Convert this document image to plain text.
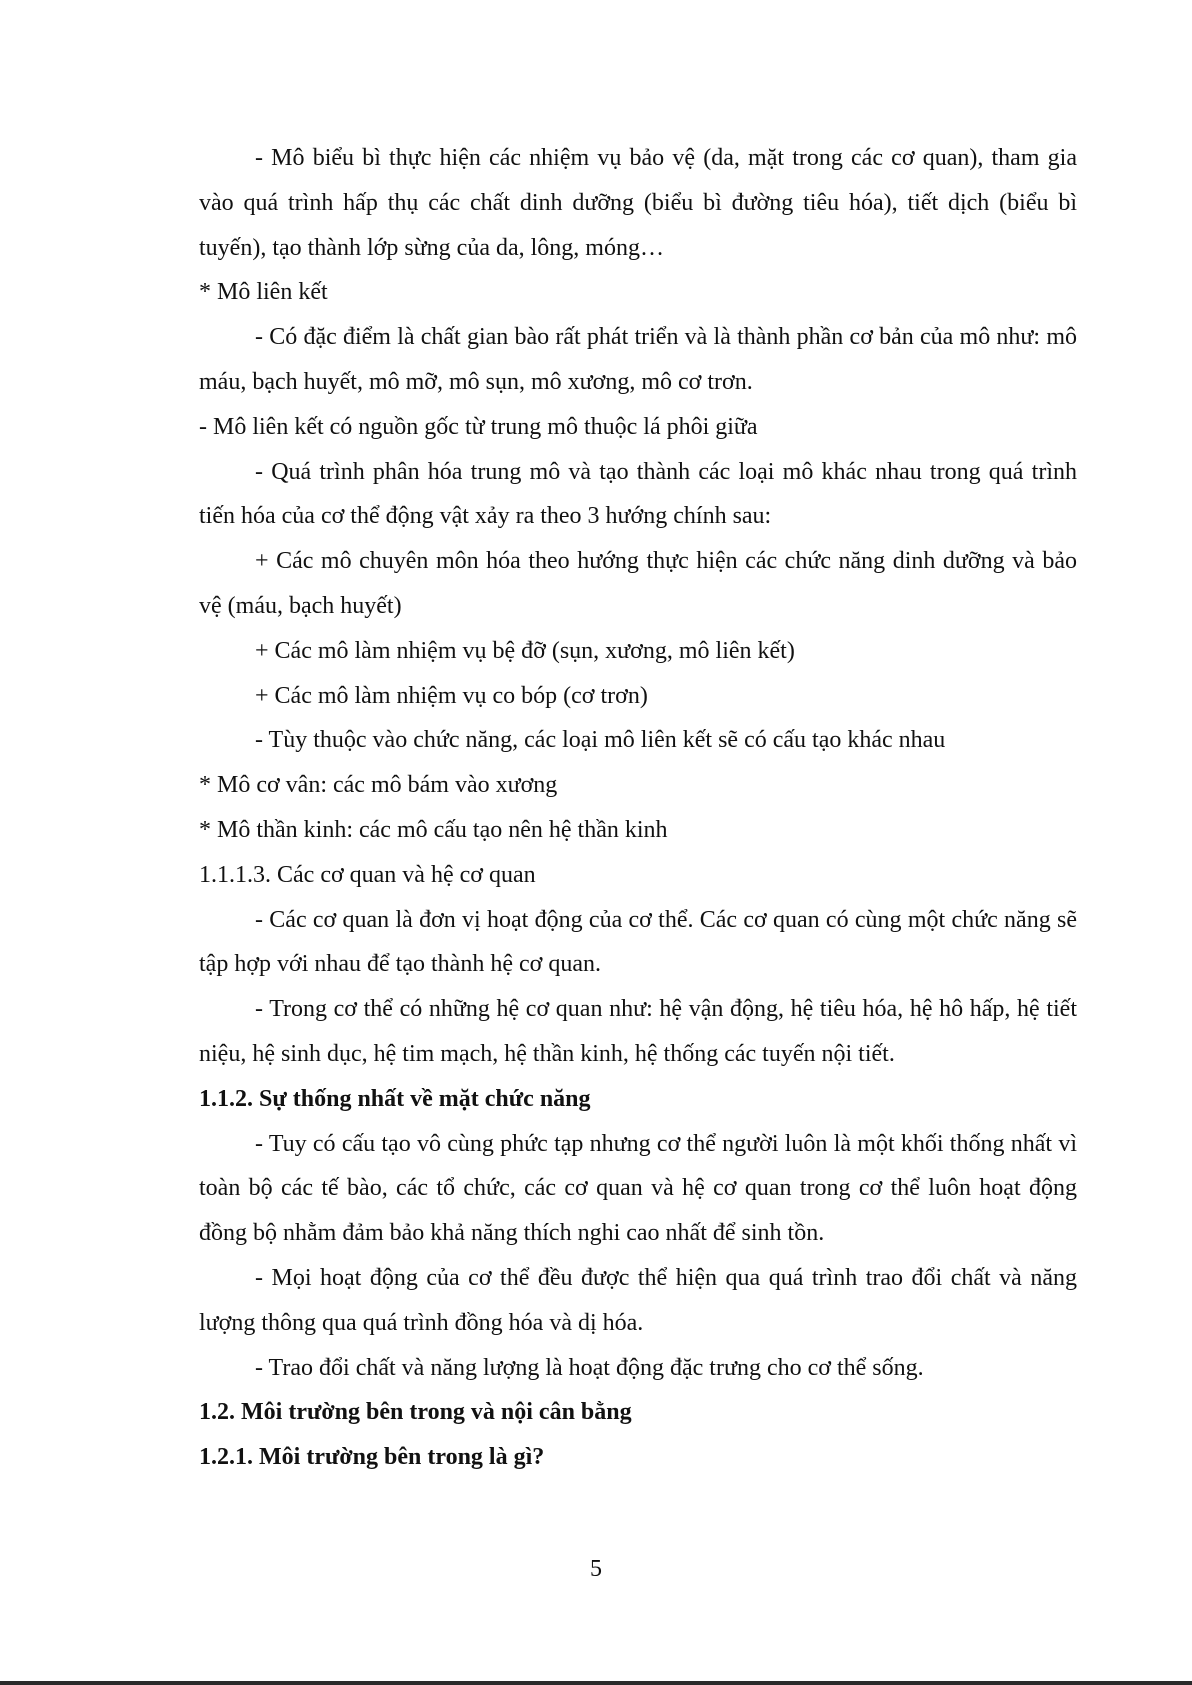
- Mô biểu bì thực hiện các nhiệm vụ bảo vệ (da, mặt trong các cơ quan), tham gia vào quá trình hấp thụ các chất dinh dưỡng (biểu bì đường tiêu hóa), tiết dịch (biểu bì tuyến), tạo thành lớp sừng của da, lông, móng…

* Mô liên kết

- Có đặc điểm là chất gian bào rất phát triển và là thành phần cơ bản của mô như: mô máu, bạch huyết, mô mỡ, mô sụn, mô xương, mô cơ trơn.

- Mô liên kết có nguồn gốc từ trung mô thuộc lá phôi giữa

- Quá trình phân hóa trung mô và tạo thành các loại mô khác nhau trong quá trình tiến hóa của cơ thể động vật xảy ra theo 3 hướng chính sau:

+ Các mô chuyên môn hóa theo hướng thực hiện các chức năng dinh dưỡng và bảo vệ (máu, bạch huyết)

+ Các mô làm nhiệm vụ bệ đỡ (sụn, xương, mô liên kết)

+ Các mô làm nhiệm vụ co bóp (cơ trơn)

- Tùy thuộc vào chức năng, các loại mô liên kết sẽ có cấu tạo khác nhau

* Mô cơ vân: các mô bám vào xương

* Mô thần kinh: các mô cấu tạo nên hệ thần kinh

1.1.1.3. Các cơ quan và hệ cơ quan

- Các cơ quan là đơn vị hoạt động của cơ thể. Các cơ quan có cùng một chức năng sẽ tập hợp với nhau để tạo thành hệ cơ quan.

- Trong cơ thể có những hệ cơ quan như: hệ vận động, hệ tiêu hóa, hệ hô hấp, hệ tiết niệu, hệ sinh dục, hệ tim mạch, hệ thần kinh, hệ thống các tuyến nội tiết.

1.1.2. Sự thống nhất về mặt chức năng

- Tuy có cấu tạo vô cùng phức tạp nhưng cơ thể người luôn là một khối thống nhất vì toàn bộ các tế bào, các tổ chức, các cơ quan và hệ cơ quan trong cơ thể luôn hoạt động đồng bộ nhằm đảm bảo khả năng thích nghi cao nhất để sinh tồn.

- Mọi hoạt động của cơ thể đều được thể hiện qua quá trình trao đổi chất và năng lượng thông qua quá trình đồng hóa và dị hóa.

- Trao đổi chất và năng lượng là hoạt động đặc trưng cho cơ thể sống.

1.2. Môi trường bên trong và nội cân bằng

1.2.1. Môi trường bên trong là gì?

5
